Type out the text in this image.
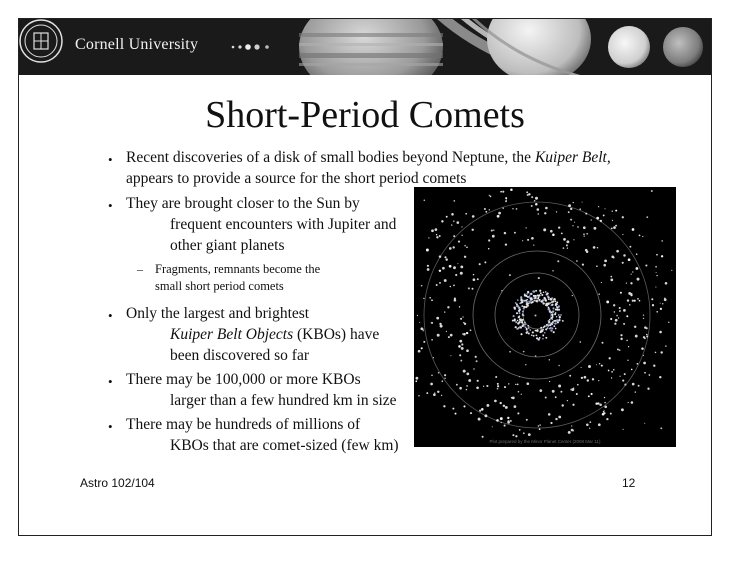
Cornell University
Short-Period Comets
• Recent discoveries of a disk of small bodies beyond Neptune, the Kuiper Belt,
appears to provide a source for the short period comets
• They are brought closer to the Sun by
frequent encounters with Jupiter and
other giant planets
– Fragments, remnants become the
small short period comets
• Only the largest and brightest
Kuiper Belt Objects (KBOs) have
been discovered so far
• There may be 100,000 or more KBOs
larger than a few hundred km in size
• There may be hundreds of millions of
KBOs that are comet-sized (few km)	Plot prepared by the Minor Planet Center (2008 Mar 11)
Astro 102/104	12
